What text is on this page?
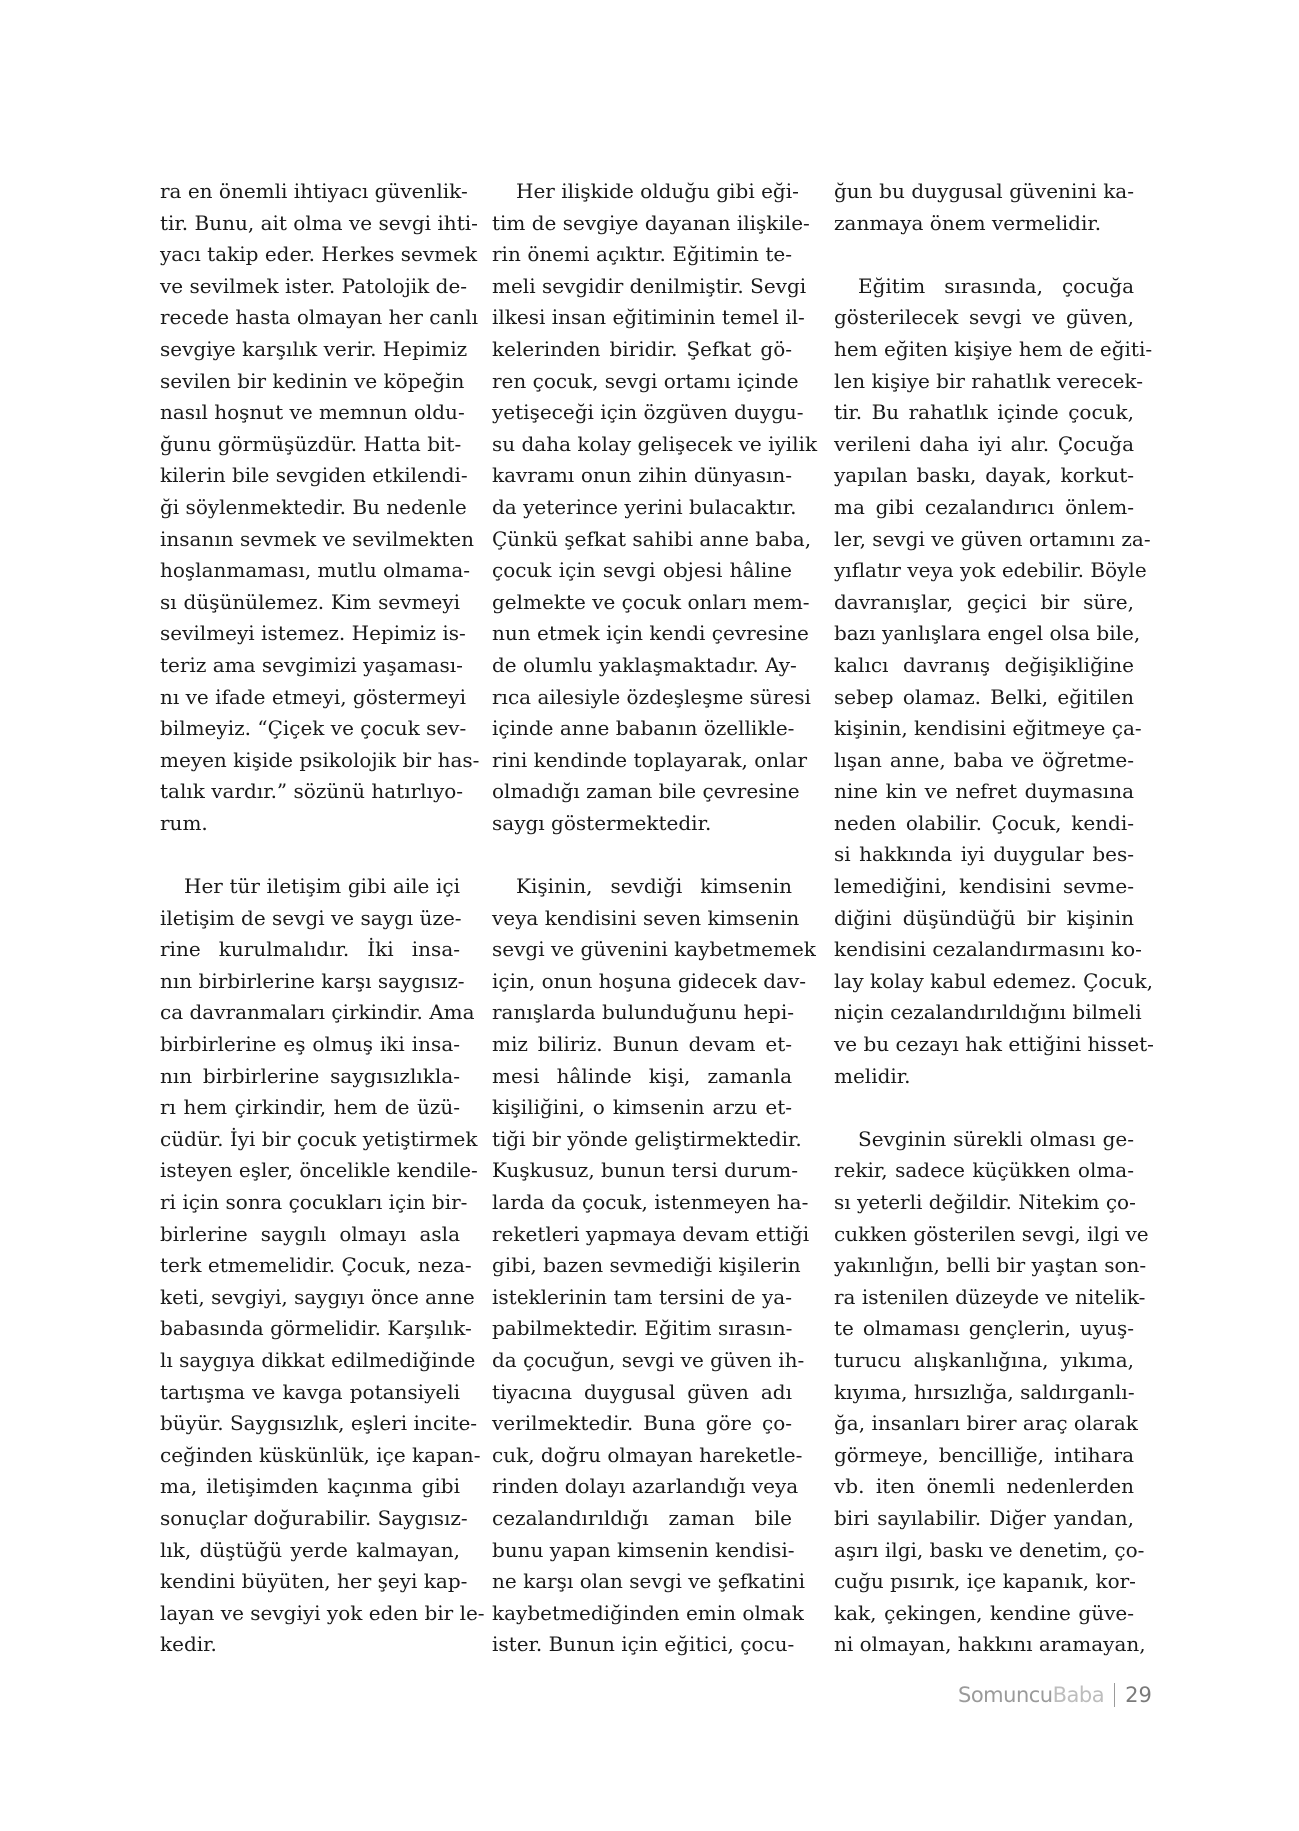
ra en önemli ihtiyacı güvenlik-
tir. Bunu, ait olma ve sevgi ihti-
yacı takip eder. Herkes sevmek
ve sevilmek ister. Patolojik de-
recede hasta olmayan her canlı
sevgiye karşılık verir. Hepimiz
sevilen bir kedinin ve köpeğin
nasıl hoşnut ve memnun oldu-
ğunu görmüşüzdür. Hatta bit-
kilerin bile sevgiden etkilendi-
ği söylenmektedir. Bu nedenle
insanın sevmek ve sevilmekten
hoşlanmaması, mutlu olmama-
sı düşünülemez. Kim sevmeyi
sevilmeyi istemez. Hepimiz is-
teriz ama sevgimizi yaşaması-
nı ve ifade etmeyi, göstermeyi
bilmeyiz. “Çiçek ve çocuk sev-
meyen kişide psikolojik bir has-
talık vardır.” sözünü hatırlıyo-
rum.
Her tür iletişim gibi aile içi
iletişim de sevgi ve saygı üze-
rine kurulmalıdır. İki insa-
nın birbirlerine karşı saygısız-
ca davranmaları çirkindir. Ama
birbirlerine eş olmuş iki insa-
nın birbirlerine saygısızlıkla-
rı hem çirkindir, hem de üzü-
cüdür. İyi bir çocuk yetiştirmek
isteyen eşler, öncelikle kendile-
ri için sonra çocukları için bir-
birlerine saygılı olmayı asla
terk etmemelidir. Çocuk, neza-
keti, sevgiyi, saygıyı önce anne
babasında görmelidir. Karşılık-
lı saygıya dikkat edilmediğinde
tartışma ve kavga potansiyeli
büyür. Saygısızlık, eşleri incite-
ceğinden küskünlük, içe kapan-
ma, iletişimden kaçınma gibi
sonuçlar doğurabilir. Saygısız-
lık, düştüğü yerde kalmayan,
kendini büyüten, her şeyi kap-
layan ve sevgiyi yok eden bir le-
kedir.
Her ilişkide olduğu gibi eği-
tim de sevgiye dayanan ilişkile-
rin önemi açıktır. Eğitimin te-
meli sevgidir denilmiştir. Sevgi
ilkesi insan eğitiminin temel il-
kelerinden biridir. Şefkat gö-
ren çocuk, sevgi ortamı içinde
yetişeceği için özgüven duygu-
su daha kolay gelişecek ve iyilik
kavramı onun zihin dünyasın-
da yeterince yerini bulacaktır.
Çünkü şefkat sahibi anne baba,
çocuk için sevgi objesi hâline
gelmekte ve çocuk onları mem-
nun etmek için kendi çevresine
de olumlu yaklaşmaktadır. Ay-
rıca ailesiyle özdeşleşme süresi
içinde anne babanın özellikle-
rini kendinde toplayarak, onlar
olmadığı zaman bile çevresine
saygı göstermektedir.
Kişinin, sevdiği kimsenin
veya kendisini seven kimsenin
sevgi ve güvenini kaybetmemek
için, onun hoşuna gidecek dav-
ranışlarda bulunduğunu hepi-
miz biliriz. Bunun devam et-
mesi hâlinde kişi, zamanla
kişiliğini, o kimsenin arzu et-
tiği bir yönde geliştirmektedir.
Kuşkusuz, bunun tersi durum-
larda da çocuk, istenmeyen ha-
reketleri yapmaya devam ettiği
gibi, bazen sevmediği kişilerin
isteklerinin tam tersini de ya-
pabilmektedir. Eğitim sırasın-
da çocuğun, sevgi ve güven ih-
tiyacına duygusal güven adı
verilmektedir. Buna göre ço-
cuk, doğru olmayan hareketle-
rinden dolayı azarlandığı veya
cezalandırıldığı zaman bile
bunu yapan kimsenin kendisi-
ne karşı olan sevgi ve şefkatini
kaybetmediğinden emin olmak
ister. Bunun için eğitici, çocu-
ğun bu duygusal güvenini ka-
zanmaya önem vermelidir.
Eğitim sırasında, çocuğa
gösterilecek sevgi ve güven,
hem eğiten kişiye hem de eğiti-
len kişiye bir rahatlık verecek-
tir. Bu rahatlık içinde çocuk,
verileni daha iyi alır. Çocuğa
yapılan baskı, dayak, korkut-
ma gibi cezalandırıcı önlem-
ler, sevgi ve güven ortamını za-
yıflatır veya yok edebilir. Böyle
davranışlar, geçici bir süre,
bazı yanlışlara engel olsa bile,
kalıcı davranış değişikliğine
sebep olamaz. Belki, eğitilen
kişinin, kendisini eğitmeye ça-
lışan anne, baba ve öğretme-
nine kin ve nefret duymasına
neden olabilir. Çocuk, kendi-
si hakkında iyi duygular bes-
lemediğini, kendisini sevme-
diğini düşündüğü bir kişinin
kendisini cezalandırmasını ko-
lay kolay kabul edemez. Çocuk,
niçin cezalandırıldığını bilmeli
ve bu cezayı hak ettiğini hisset-
melidir.
Sevginin sürekli olması ge-
rekir, sadece küçükken olma-
sı yeterli değildir. Nitekim ço-
cukken gösterilen sevgi, ilgi ve
yakınlığın, belli bir yaştan son-
ra istenilen düzeyde ve nitelik-
te olmaması gençlerin, uyuş-
turucu alışkanlığına, yıkıma,
kıyıma, hırsızlığa, saldırganlı-
ğa, insanları birer araç olarak
görmeye, bencilliğe, intihara
vb. iten önemli nedenlerden
biri sayılabilir. Diğer yandan,
aşırı ilgi, baskı ve denetim, ço-
cuğu pısırık, içe kapanık, kor-
kak, çekingen, kendine güve-
ni olmayan, hakkını aramayan,
SomuncuBaba 29
